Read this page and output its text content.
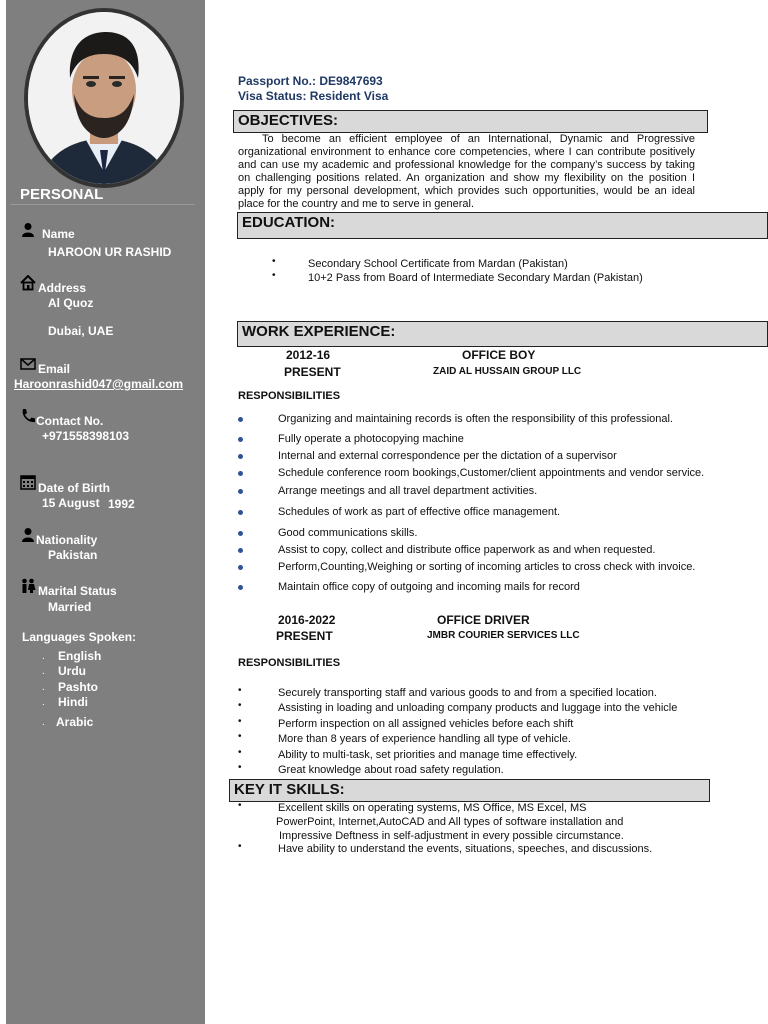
PERSONAL
Name
HAROON UR RASHID
Address
Al Quoz
Dubai, UAE
Email
Haroonrashid047@gmail.com
Contact No.
+971558398103
Date of Birth
15 August 1992
Nationality
Pakistan
Marital Status
Married
Languages Spoken:
. English
. Urdu
. Pashto
. Hindi
. Arabic
Passport No.: DE9847693
Visa Status: Resident Visa
OBJECTIVES:
To become an efficient employee of an International, Dynamic and Progressive organizational environment to enhance core competencies, where I can contribute positively and can use my academic and professional knowledge for the company’s success by taking on challenging positions related. An organization and show my flexibility on the position I apply for my personal development, which provides such opportunities, would be an ideal place for the country and me to serve in general.
EDUCATION:
•	Secondary School Certificate from Mardan (Pakistan)
•	10+2 Pass from Board of Intermediate Secondary Mardan (Pakistan)
WORK EXPERIENCE:
2012-16	OFFICE BOY
PRESENT	ZAID AL HUSSAIN GROUP LLC
RESPONSIBILITIES
Organizing and maintaining records is often the responsibility of this professional.
Fully operate a photocopying machine
Internal and external correspondence per the dictation of a supervisor
Schedule conference room bookings,Customer/client appointments and vendor service.
Arrange meetings and all travel department activities.
Schedules of work as part of effective office management.
Good communications skills.
Assist to copy, collect and distribute office paperwork as and when requested.
Perform,Counting,Weighing or sorting of incoming articles to cross check with invoice.
Maintain office copy of outgoing and incoming mails for record
2016-2022	OFFICE DRIVER
PRESENT	JMBR COURIER SERVICES LLC
RESPONSIBILITIES
•	Securely transporting staff and various goods to and from a specified location.
•	Assisting in loading and unloading company products and luggage into the vehicle
•	Perform inspection on all assigned vehicles before each shift
•	More than 8 years of experience handling all type of vehicle.
•	Ability to multi-task, set priorities and manage time effectively.
•	Great knowledge about road safety regulation.
KEY IT SKILLS:
•	Excellent skills on operating systems, MS Office, MS Excel, MS
PowerPoint, Internet,AutoCAD and All types of software installation and
Impressive Deftness in self-adjustment in every possible circumstance.
•	Have ability to understand the events, situations, speeches, and discussions.
